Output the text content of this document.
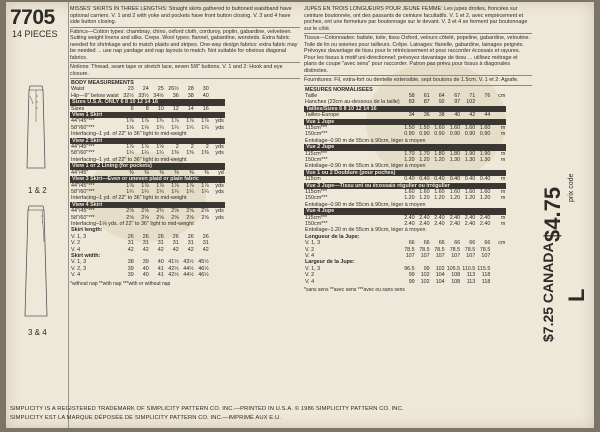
7705
14 PIECES
1 & 2
3 & 4

MISSES' SKIRTS IN THREE LENGTHS: Straight skirts gathered to buttoned waistband have optional carriers. V. 1 and 2 with yoke and pockets have front button closing. V. 3 and 4 have side button closing.

Fabrics—Cotton types: chambray, chino, oxford cloth, corduroy, poplin, gabardine, velveteen. Suiting weight linens and silks. Crepe. Wool types: flannel, gabardine, worsteds. Extra fabric needed for shrinkage and to match plaids and stripes. One-way design fabrics: extra fabric may be needed ... use nap yardage and nap layouts to match. Not suitable for obvious diagonal fabrics.

Notions: Thread, seam tape or stretch lace, seven 5/8" buttons. V. 1 and 2: Hook and eye closure.

BODY MEASUREMENTS							
Waist	23	24	25	26½	28	30	
Hip—9" below waist	32½	33½	34½	36	38	40	
Sizes U.S.A. ONLY 6 8 10 12 14 16							
Sizes	6	8	10	12	14	16	
View 1 Skirt							
44"/45"***	1⅞	1⅞	1¾	1⅞	1⅞	1⅞	yds
58"/60"***	1⅛	1⅛	1¼	1¼	1¼	1¼	yds
Interfacing–1 yd. of 22" to 36" light to mid-weight							
View 2 Skirt							
44"/45"***	1⅞	1⅞	1⅝	2	2	2	yds
58"/60"***	1¼	1¼	1¼	1⅜	1⅜	1⅜	yds
Interfacing–1 yd. of 22" to 36" light to mid-weight							
View 1 or 2 Lining (for pockets)							
44"/45"	⅜	⅜	⅜	⅜	⅜	⅜	yd
View 3 Skirt—Even or uneven plaid or plain fabric							
44"/45"***	1⅞	1⅞	1⅞	1⅞	1⅞	1⅞	yds
58"/60"***	1¼	1¼	1¼	1¼	1¼	1¼	yds
Interfacing–1 yd. of 22" to 36" light to mid-weight							
View 4 Skirt							
44"/45"***	2⅝	2⅝	2¾	2⅝	2⅝	2⅝	yds
58"/60"***	2⅝	2⅝	2⅝	2⅝	2⅝	2⅝	yds
Interfacing–1⅛ yds. of 22" to 36" light to mid-weight							
Skirt length:							
V. 1, 3	26	26	26	26	26	26	
V. 2	31	31	31	31	31	31	
V. 4	42	42	42	42	42	42	
Skirt width:							
V. 1, 3	38	39	40	41½	43½	45½	
V. 2, 3	39	40	41	42½	44½	46½	
V. 4	39	40	41	42½	44½	46½	

*without nap **with nap ***with or without nap

JUPES EN TROIS LONGUEURS POUR JEUNE FEMME: Les jupes droites, froncées sur ceinture boutonnée, ont des passants de ceinture facultatifs. V. 1 et 2, avec empiècement et poches, ont une fermeture par boutonnage sur le devant. V. 3 et 4 se ferment par boutonnage sur le côté.

Tissus—Cotonnades: batiste, toile, tissu Oxford, velours côtelé, popeline, gabardine, veloutine. Toile de lin ou soieries pour tailleurs. Crêpe. Lainages: flanelle, gabardine, lainages peignés. Prévoyez davantage de tissu pour le rétrécissement et pour raccorder écossais et rayures. Pour les tissus à motif uni-directionnel: prévoyez davantage de tissu ... utilisez métrage et plans de coupe "avec sens" pour raccorder. Patron pas prévu pour tissus à diagonales distinctes.

Fournitures: Fil, extra-fort ou dentelle extensible, sept boutons de 1.5cm. V. 1 et 2: Agrafe.

MESURES NORMALISEES							
Taille	58	61	64	67	71	76	cm
Hanches (23cm au-dessous de la taille)	83	87	92	97	102		
Tailles/Sizes 6 8 10 12 14 16							
Tailles-Europe	34	36	38	40	42	44	
Vue 1 Jupe							
115cm***	1.50	1.50	1.60	1.60	1.60	1.60	m
150cm***	0.90	0.90	0.90	0.90	0.90	0.90	m
Entoilage–0.90 m de 55cm à 90cm, léger à moyen							
Vue 2 Jupe							
115cm***	1.70	1.70	1.80	1.80	1.90	1.90	m
150cm***	1.20	1.20	1.20	1.30	1.30	1.30	m
Entoilage–0.90 m de 55cm à 90cm, léger à moyen							
Vue 1 ou 2 Doublure (pour poches)							
115cm	0.40	0.40	0.40	0.40	0.40	0.40	m
Vue 3 Jupe—Tissu uni ou écossais régulier ou irrégulier							
115cm***	1.60	1.60	1.60	1.60	1.60	1.60	m
150cm***	1.20	1.20	1.20	1.20	1.20	1.20	m
Entoilage–0.90 m de 55cm à 90cm, léger à moyen							
Vue 4 Jupe							
115cm***	2.40	2.40	2.40	2.40	2.40	2.40	m
150cm***	2.40	2.40	2.40	2.40	2.40	2.40	m
Entoilage–1.20 m de 55cm à 90cm, léger à moyen							
Longueur de la Jupe:							
V. 1, 3	66	66	66	66	66	66	cm
V. 2	78.5	78.5	78.5	78.5	78.5	78.5	
V. 4	107	107	107	107	107	107	
Largeur de la Jupe:							
V. 1, 3	96.5	99	102	105.5	110.5	115.5	
V. 2	99	102	104	108	113	118	
V. 4	99	102	104	108	113	118	

*sans sens **avec sens ***avec ou sans sens

$4.75
$7.25 CANADA
prix code
L
SIMPLICITY IS A REGISTERED TRADEMARK OF SIMPLICITY PATTERN CO. INC.—PRINTED IN U.S.A. © 1986 SIMPLICITY PATTERN CO. INC.
SIMPLICITY EST LA MARQUE DÉPOSÉE DE SIMPLICITY PATTERN CO. INC.—IMPRIMÉ AUX E.U.
